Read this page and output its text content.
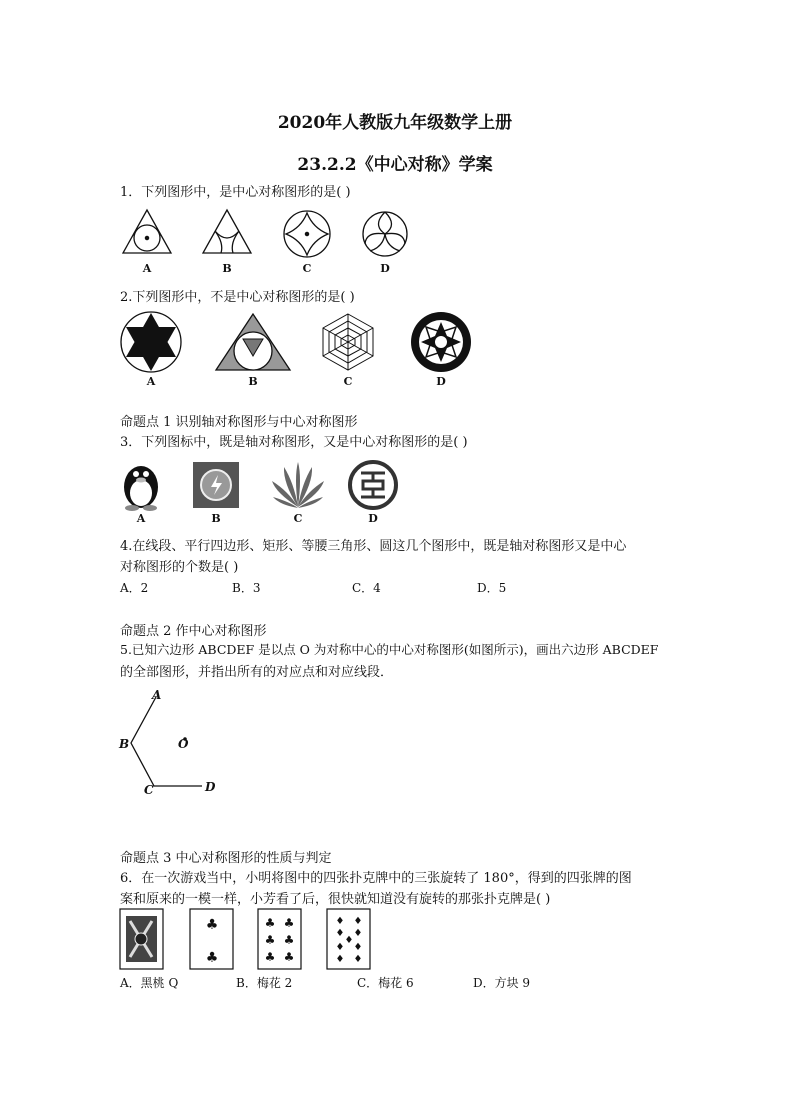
2020年人教版九年级数学上册
23.2.2《中心对称》学案
1．下列图形中，是中心对称图形的是( )
A	B	C	D
2.下列图形中，不是中心对称图形的是( )
A	B	C	D
命题点 1 识别轴对称图形与中心对称图形
3．下列图标中，既是轴对称图形，又是中心对称图形的是( )
A	B	C	D
4.在线段、平行四边形、矩形、等腰三角形、圆这几个图形中，既是轴对称图形又是中心
对称图形的个数是( )
A．2	B．3	C．4	D．5
命题点 2 作中心对称图形
5.已知六边形 ABCDEF 是以点 O 为对称中心的中心对称图形(如图所示)，画出六边形 ABCDEF
的全部图形，并指出所有的对应点和对应线段．
A
B	O
C	D
命题点 3 中心对称图形的性质与判定
6．在一次游戏当中，小明将图中的四张扑克牌中的三张旋转了 180°，得到的四张牌的图
案和原来的一模一样，小芳看了后，很快就知道没有旋转的那张扑克牌是( )
♣
♣
♣ ♣
♣ ♣
♣ ♣
♦ ♦
♦ ♦
♦
♦ ♦
♦ ♦
A．黑桃 Q	B．梅花 2	C．梅花 6	D．方块 9
